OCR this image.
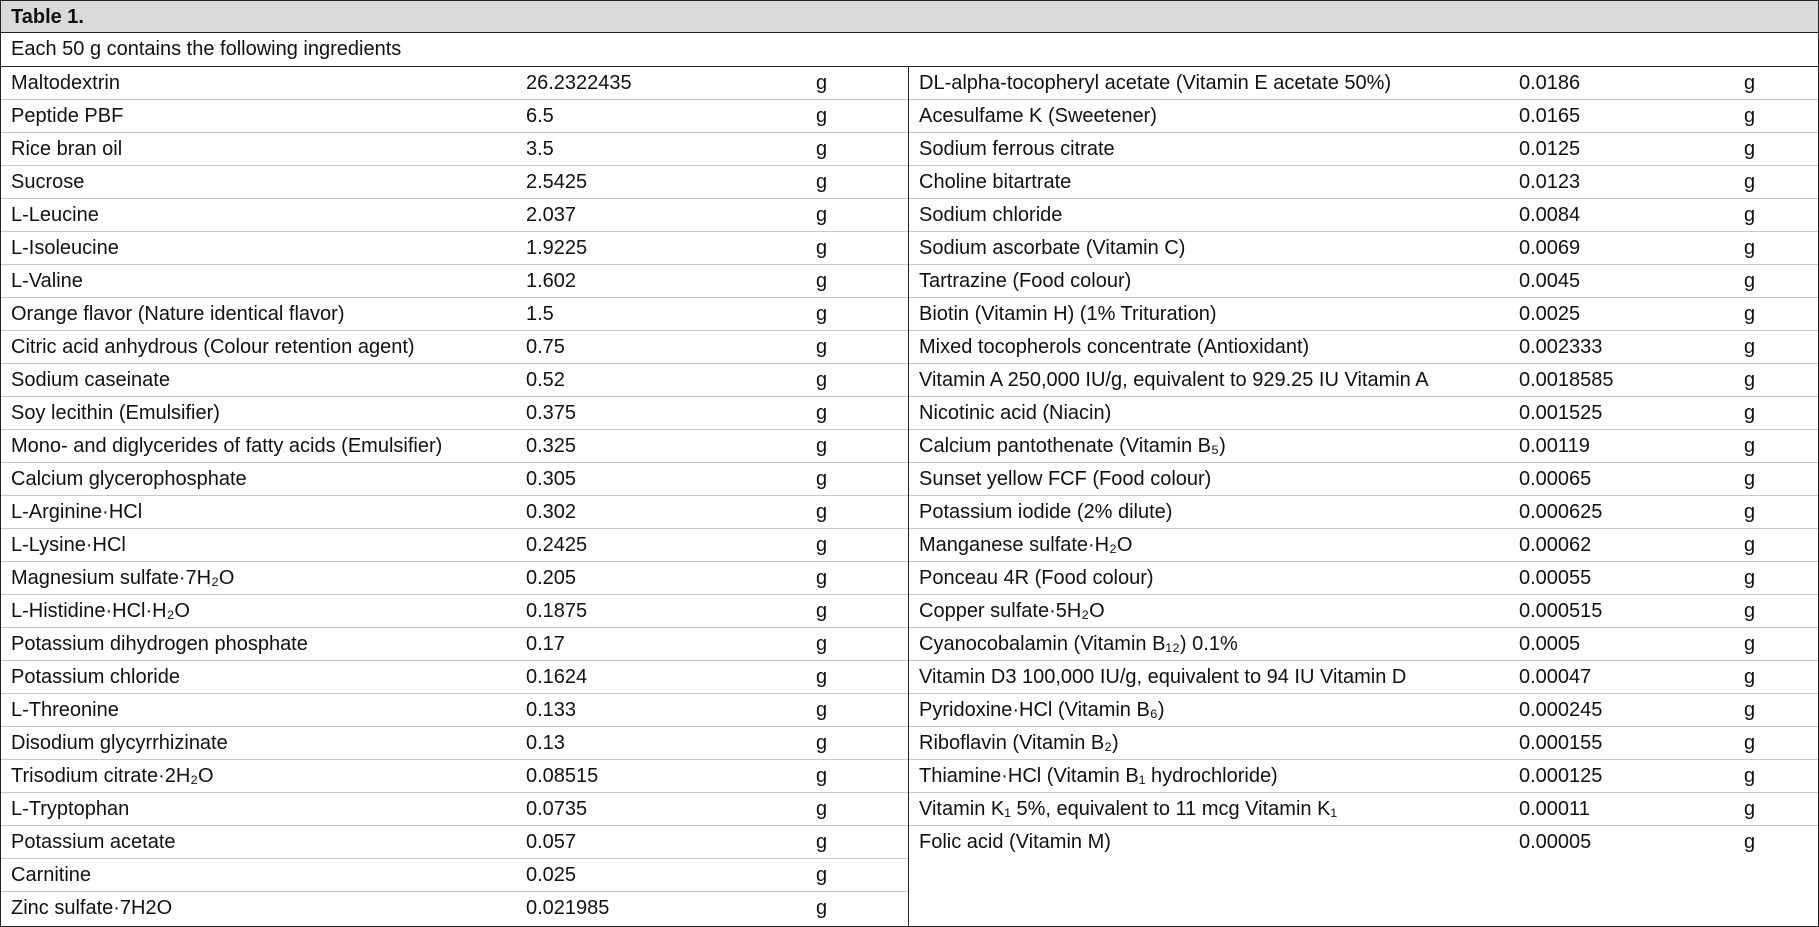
Table 1.
Each 50 g contains the following ingredients
Maltodextrin	26.2322435	g
Peptide PBF	6.5	g
Rice bran oil	3.5	g
Sucrose	2.5425	g
L-Leucine	2.037	g
L-Isoleucine	1.9225	g
L-Valine	1.602	g
Orange flavor (Nature identical flavor)	1.5	g
Citric acid anhydrous (Colour retention agent)	0.75	g
Sodium caseinate	0.52	g
Soy lecithin (Emulsifier)	0.375	g
Mono- and diglycerides of fatty acids (Emulsifier)	0.325	g
Calcium glycerophosphate	0.305	g
L-Arginine·HCl	0.302	g
L-Lysine·HCl	0.2425	g
Magnesium sulfate·7H₂O	0.205	g
L-Histidine·HCl·H₂O	0.1875	g
Potassium dihydrogen phosphate	0.17	g
Potassium chloride	0.1624	g
L-Threonine	0.133	g
Disodium glycyrrhizinate	0.13	g
Trisodium citrate·2H₂O	0.08515	g
L-Tryptophan	0.0735	g
Potassium acetate	0.057	g
Carnitine	0.025	g
Zinc sulfate·7H2O	0.021985	g
DL-alpha-tocopheryl acetate (Vitamin E acetate 50%)	0.0186	g
Acesulfame K (Sweetener)	0.0165	g
Sodium ferrous citrate	0.0125	g
Choline bitartrate	0.0123	g
Sodium chloride	0.0084	g
Sodium ascorbate (Vitamin C)	0.0069	g
Tartrazine (Food colour)	0.0045	g
Biotin (Vitamin H) (1% Trituration)	0.0025	g
Mixed tocopherols concentrate (Antioxidant)	0.002333	g
Vitamin A 250,000 IU/g, equivalent to 929.25 IU Vitamin A	0.0018585	g
Nicotinic acid (Niacin)	0.001525	g
Calcium pantothenate (Vitamin B₅)	0.00119	g
Sunset yellow FCF (Food colour)	0.00065	g
Potassium iodide (2% dilute)	0.000625	g
Manganese sulfate·H₂O	0.00062	g
Ponceau 4R (Food colour)	0.00055	g
Copper sulfate·5H₂O	0.000515	g
Cyanocobalamin (Vitamin B₁₂) 0.1%	0.0005	g
Vitamin D3 100,000 IU/g, equivalent to 94 IU Vitamin D	0.00047	g
Pyridoxine·HCl (Vitamin B₆)	0.000245	g
Riboflavin (Vitamin B₂)	0.000155	g
Thiamine·HCl (Vitamin B₁ hydrochloride)	0.000125	g
Vitamin K₁ 5%, equivalent to 11 mcg Vitamin K₁	0.00011	g
Folic acid (Vitamin M)	0.00005	g
